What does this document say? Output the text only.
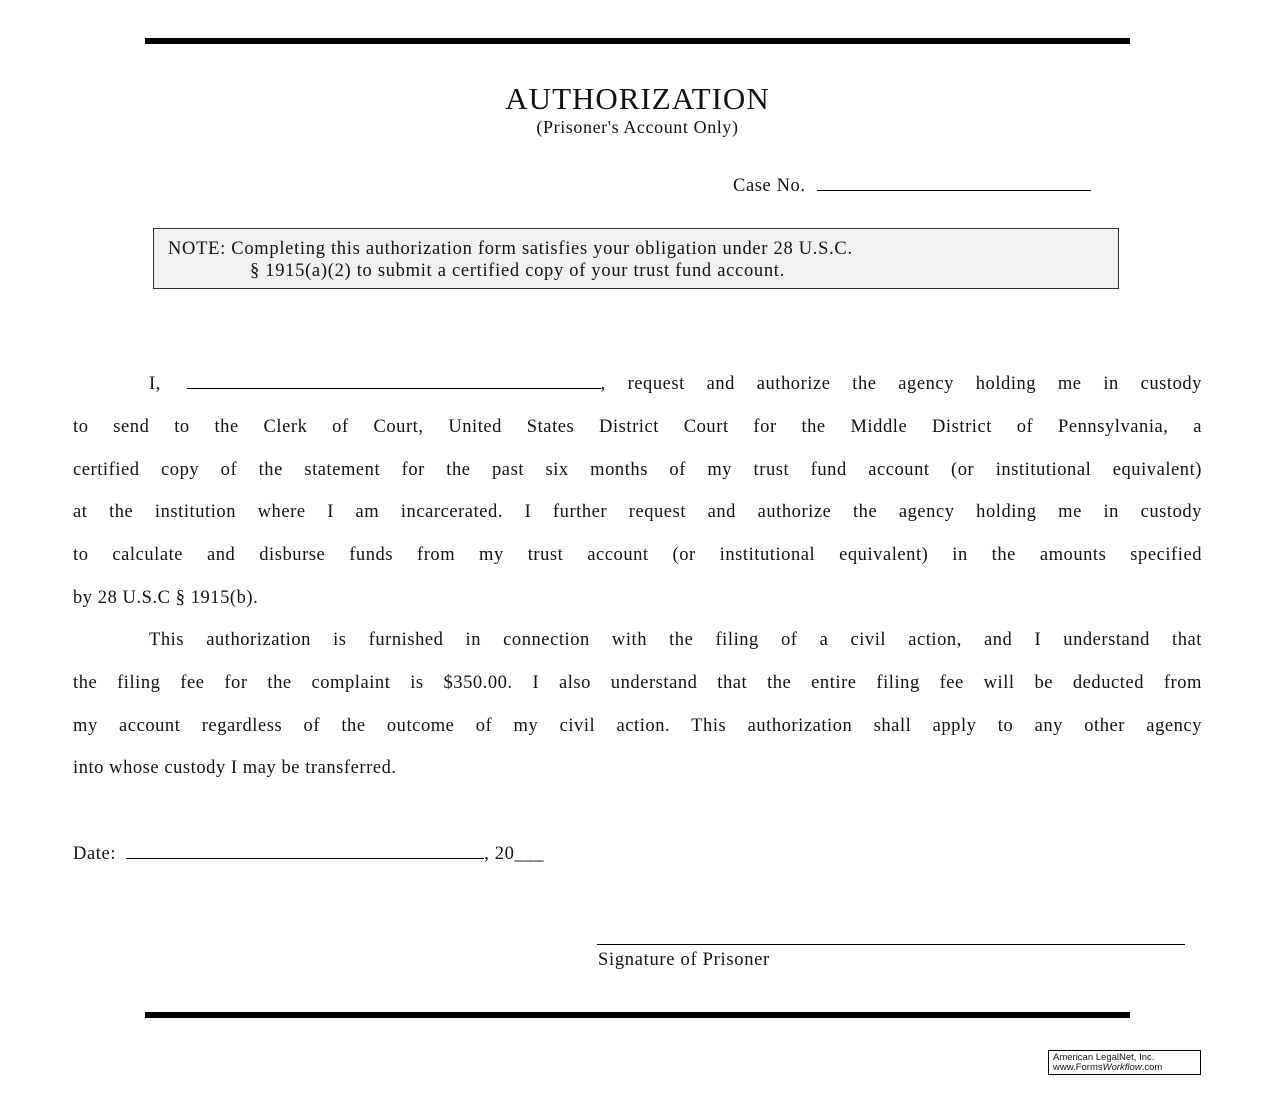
AUTHORIZATION
(Prisoner's Account Only)
Case No.
NOTE: Completing this authorization form satisfies your obligation under 28 U.S.C.
§ 1915(a)(2) to submit a certified copy of your trust fund account.
I,	, request and authorize the agency holding me in custody
to send to the Clerk of Court, United States District Court for the Middle District of Pennsylvania, a
certified copy of the statement for the past six months of my trust fund account (or institutional equivalent)
at the institution where I am incarcerated. I further request and authorize the agency holding me in custody
to calculate and disburse funds from my trust account (or institutional equivalent) in the amounts specified
by 28 U.S.C § 1915(b).
This authorization is furnished in connection with the filing of a civil action, and I understand that
the filing fee for the complaint is $350.00. I also understand that the entire filing fee will be deducted from
my account regardless of the outcome of my civil action. This authorization shall apply to any other agency
into whose custody I may be transferred.
Date:	, 20___
Signature of Prisoner
American LegalNet, Inc.
www.FormsWorkflow.com
